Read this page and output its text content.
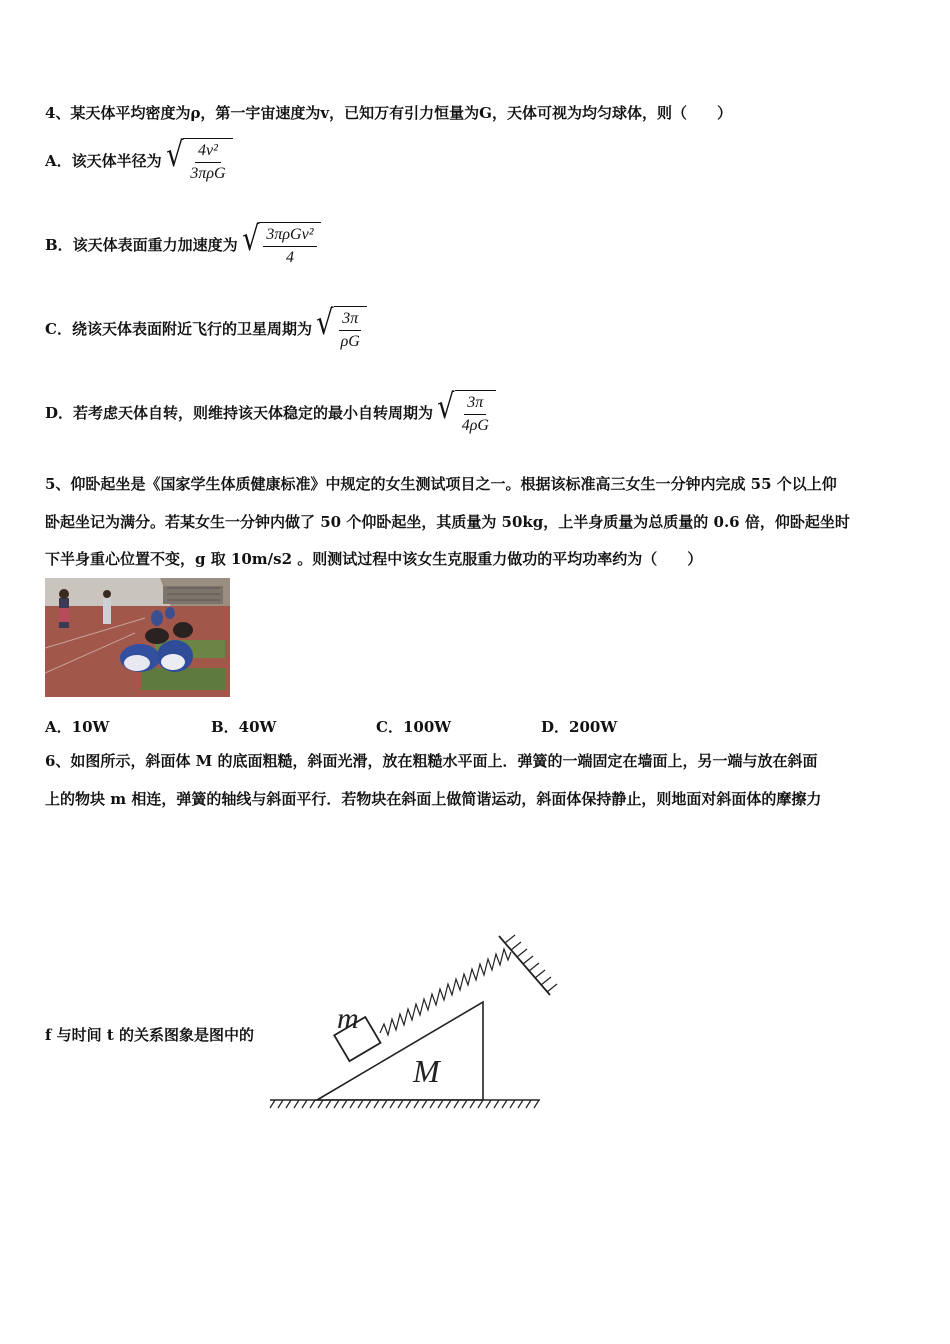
4、某天体平均密度为ρ，第一宇宙速度为v，已知万有引力恒量为G，天体可视为均匀球体，则（　　）
A．该天体半径为 √ $\frac{\text{4v²}}{\text{3πρG}}$
B．该天体表面重力加速度为 √ $\frac{\text{3πρGv²}}{4}$
C．绕该天体表面附近飞行的卫星周期为 √ $\frac{3\pi}{\rho G}$
D．若考虑天体自转，则维持该天体稳定的最小自转周期为 √ $\frac{3\pi}{4\rho G}$
5、仰卧起坐是《国家学生体质健康标准》中规定的女生测试项目之一。根据该标准高三女生一分钟内完成 55 个以上仰
卧起坐记为满分。若某女生一分钟内做了 50 个仰卧起坐，其质量为 50kg，上半身质量为总质量的 0.6 倍，仰卧起坐时
下半身重心位置不变，g 取 10m/s2 。则测试过程中该女生克服重力做功的平均功率约为（　　）
A．10W	B．40W	C．100W	D．200W
6、如图所示，斜面体 M 的底面粗糙，斜面光滑，放在粗糙水平面上．弹簧的一端固定在墙面上，另一端与放在斜面
上的物块 m 相连，弹簧的轴线与斜面平行．若物块在斜面上做简谐运动，斜面体保持静止，则地面对斜面体的摩擦力
f 与时间 t 的关系图象是图中的	m
M
